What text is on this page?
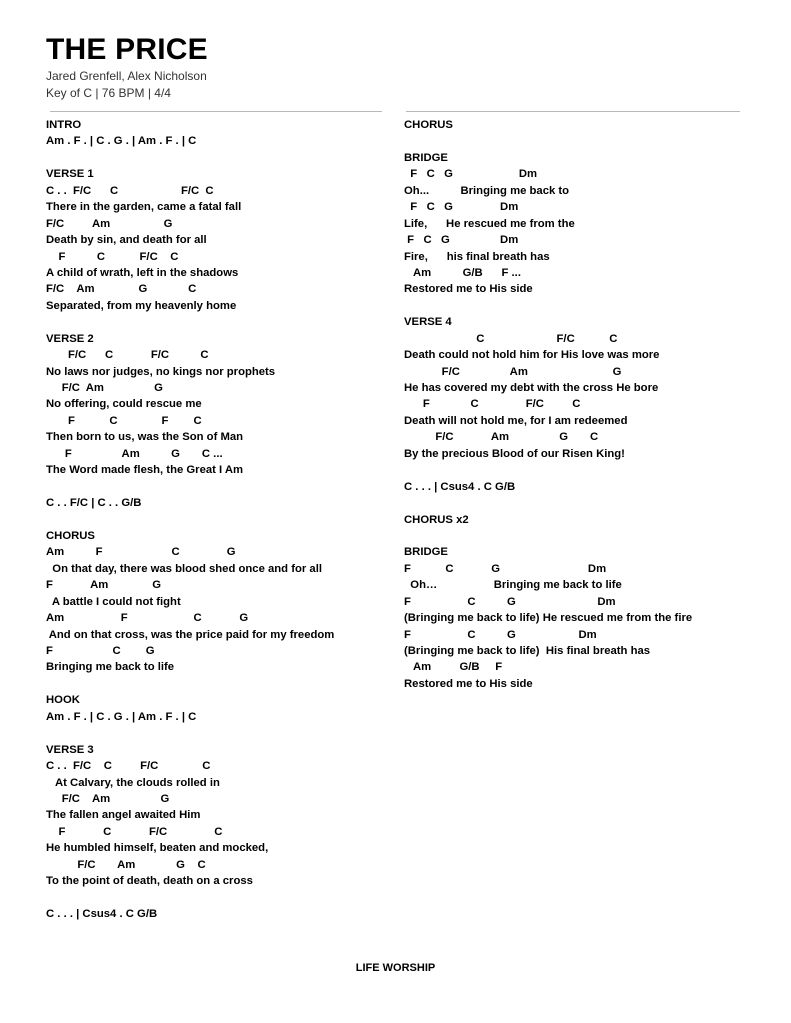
THE PRICE
Jared Grenfell, Alex Nicholson
Key of C | 76 BPM | 4/4
INTRO
Am . F . | C . G . | Am . F . | C
VERSE 1
C . .  F/C      C                    F/C  C
There in the garden, came a fatal fall
F/C         Am                 G
Death by sin, and death for all
F          C           F/C    C
A child of wrath, left in the shadows
F/C    Am              G             C
Separated, from my heavenly home
VERSE 2
F/C      C            F/C          C
No laws nor judges, no kings nor prophets
F/C  Am                G
No offering, could rescue me
F           C              F        C
Then born to us, was the Son of Man
F                Am          G       C ...
The Word made flesh, the Great I Am
C . . F/C | C . . G/B
CHORUS
Am          F                      C               G
On that day, there was blood shed once and for all
F            Am              G
A battle I could not fight
Am                  F                     C            G
And on that cross, was the price paid for my freedom
F                   C        G
Bringing me back to life
HOOK
Am . F . | C . G . | Am . F . | C
VERSE 3
C . .  F/C    C         F/C              C
At Calvary, the clouds rolled in
F/C    Am                G
The fallen angel awaited Him
F            C            F/C               C
He humbled himself, beaten and mocked,
F/C       Am             G    C
To the point of death, death on a cross
C . . . | Csus4 . C G/B
CHORUS
BRIDGE
F   C   G                     Dm
Oh...          Bringing me back to
F   C   G               Dm
Life,      He rescued me from the
F   C   G                Dm
Fire,      his final breath has
Am          G/B      F ...
Restored me to His side
VERSE 4
C                       F/C           C
Death could not hold him for His love was more
F/C                Am                           G
He has covered my debt with the cross He bore
F             C               F/C         C
Death will not hold me, for I am redeemed
F/C            Am                G       C
By the precious Blood of our Risen King!
C . . . | Csus4 . C G/B
CHORUS x2
BRIDGE
F           C            G                            Dm
Oh…                  Bringing me back to life
F                  C          G                          Dm
(Bringing me back to life) He rescued me from the fire
F                  C          G                    Dm
(Bringing me back to life)  His final breath has
Am         G/B     F
Restored me to His side
LIFE WORSHIP
